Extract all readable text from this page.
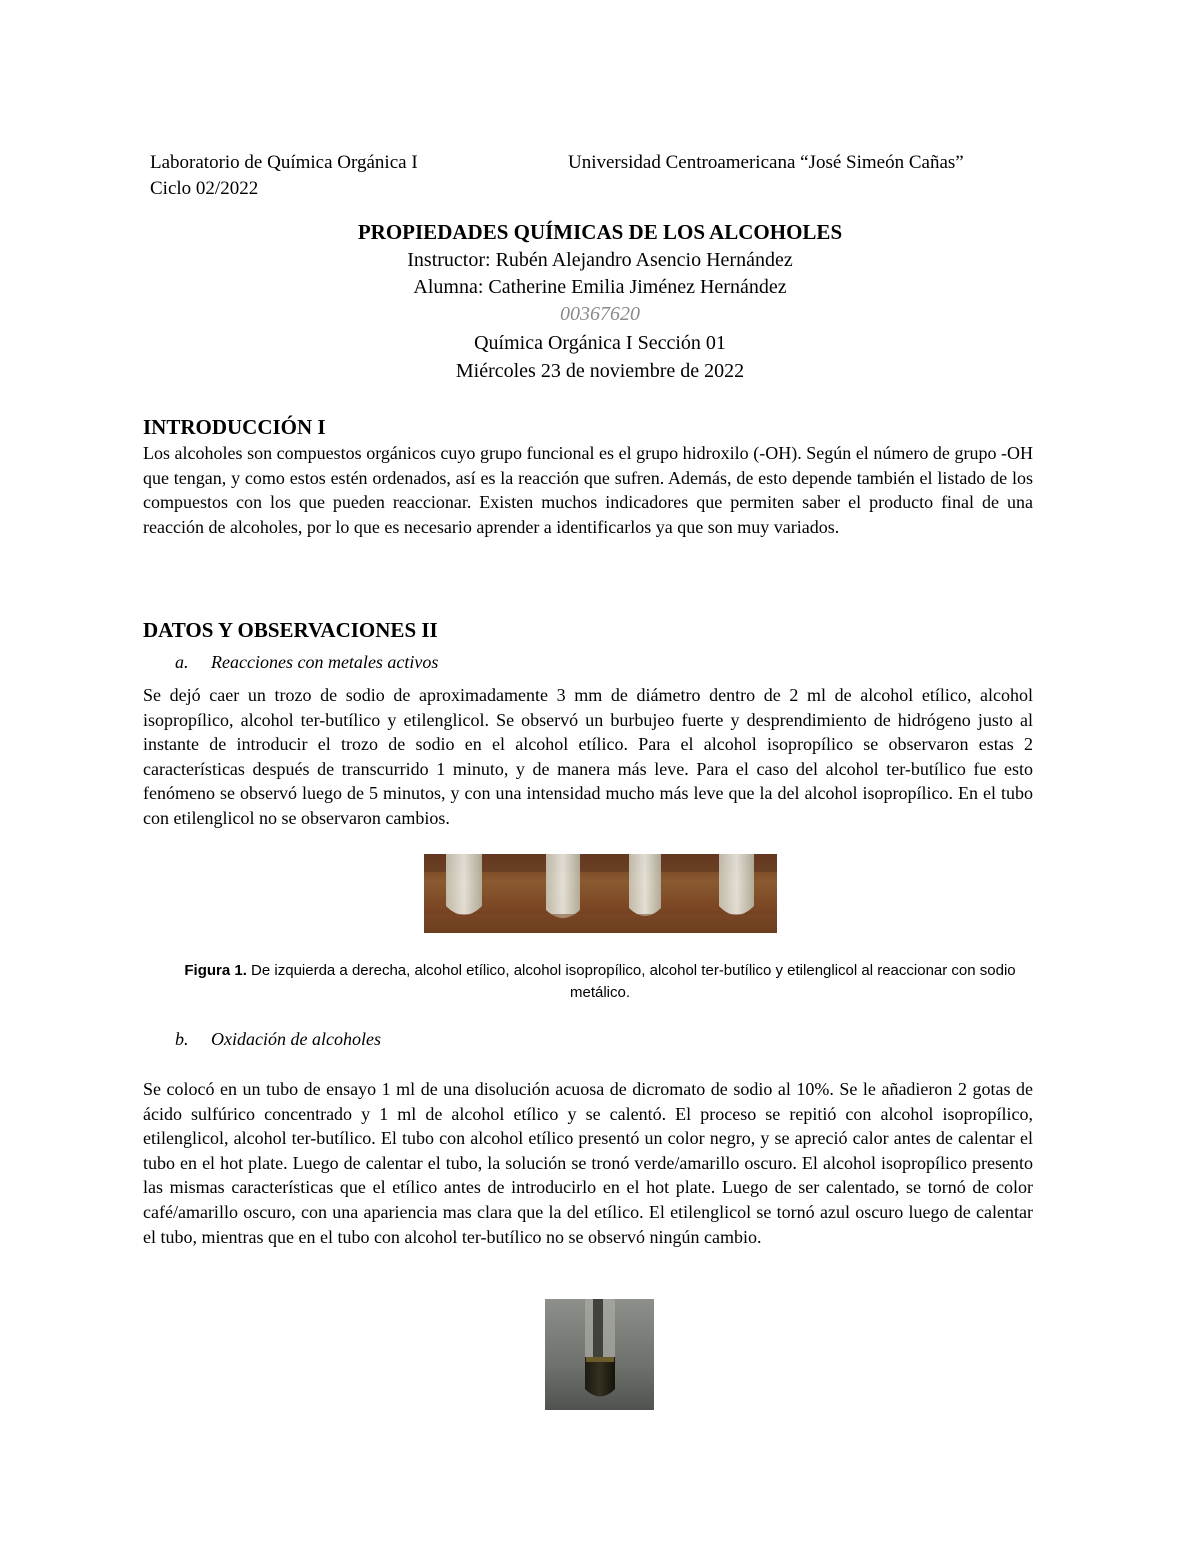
Laboratorio de Química Orgánica I
Ciclo 02/2022
Universidad Centroamericana “José Simeón Cañas”
PROPIEDADES QUÍMICAS DE LOS ALCOHOLES
Instructor: Rubén Alejandro Asencio Hernández
Alumna: Catherine Emilia Jiménez Hernández
00367620
Química Orgánica I Sección 01
Miércoles 23 de noviembre de 2022
INTRODUCCIÓN I
Los alcoholes son compuestos orgánicos cuyo grupo funcional es el grupo hidroxilo (-OH). Según el número de grupo -OH que tengan, y como estos estén ordenados, así es la reacción que sufren. Además, de esto depende también el listado de los compuestos con los que pueden reaccionar. Existen muchos indicadores que permiten saber el producto final de una reacción de alcoholes, por lo que es necesario aprender a identificarlos ya que son muy variados.
DATOS Y OBSERVACIONES II
a. Reacciones con metales activos
Se dejó caer un trozo de sodio de aproximadamente 3 mm de diámetro dentro de 2 ml de alcohol etílico, alcohol isopropílico, alcohol ter-butílico y etilenglicol. Se observó un burbujeo fuerte y desprendimiento de hidrógeno justo al instante de introducir el trozo de sodio en el alcohol etílico. Para el alcohol isopropílico se observaron estas 2 características después de transcurrido 1 minuto, y de manera más leve. Para el caso del alcohol ter-butílico fue esto fenómeno se observó luego de 5 minutos, y con una intensidad mucho más leve que la del alcohol isopropílico. En el tubo con etilenglicol no se observaron cambios.
Figura 1. De izquierda a derecha, alcohol etílico, alcohol isopropílico, alcohol ter-butílico y etilenglicol al reaccionar con sodio metálico.
b. Oxidación de alcoholes
Se colocó en un tubo de ensayo 1 ml de una disolución acuosa de dicromato de sodio al 10%. Se le añadieron 2 gotas de ácido sulfúrico concentrado y 1 ml de alcohol etílico y se calentó. El proceso se repitió con alcohol isopropílico, etilenglicol, alcohol ter-butílico. El tubo con alcohol etílico presentó un color negro, y se apreció calor antes de calentar el tubo en el hot plate. Luego de calentar el tubo, la solución se tronó verde/amarillo oscuro. El alcohol isopropílico presento las mismas características que el etílico antes de introducirlo en el hot plate. Luego de ser calentado, se tornó de color café/amarillo oscuro, con una apariencia mas clara que la del etílico. El etilenglicol se tornó azul oscuro luego de calentar el tubo, mientras que en el tubo con alcohol ter-butílico no se observó ningún cambio.
